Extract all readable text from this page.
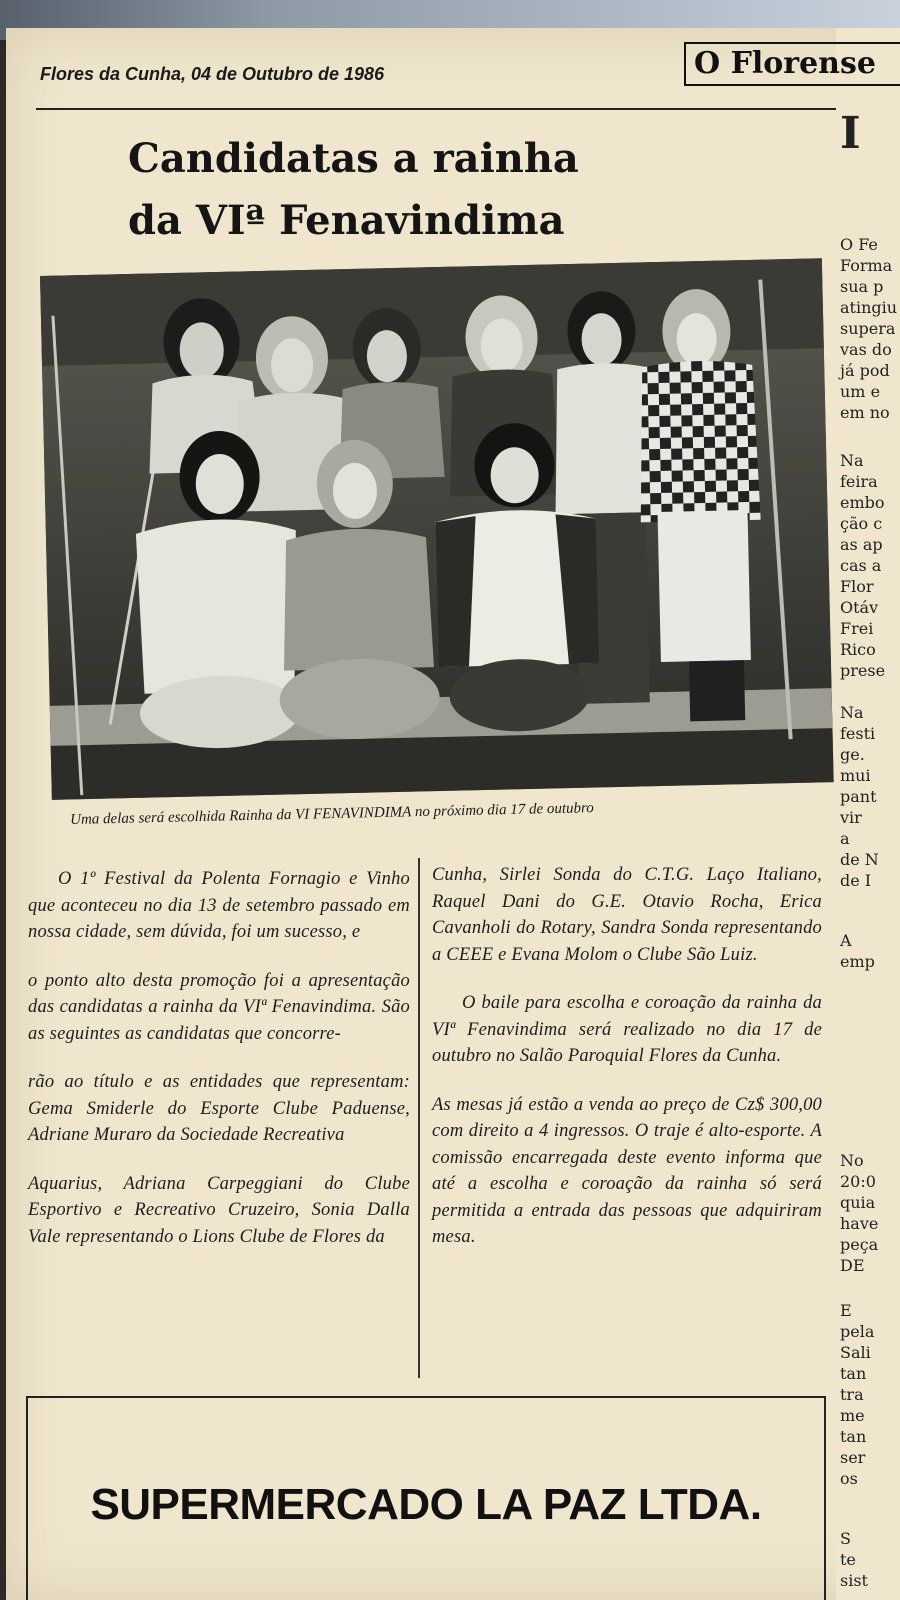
Flores da Cunha, 04 de Outubro de 1986	O Florense
Candidatas a rainha
da VIª Fenavindima
Uma delas será escolhida Rainha da VI FENAVINDIMA no próximo dia 17 de outubro

O 1º Festival da Polenta Fornagio e Vinho que aconteceu no dia 13 de setembro passado em nossa cidade, sem dúvida, foi um sucesso, e

o ponto alto desta promoção foi a apresentação das candidatas a rainha da VIª Fenavindima. São as seguintes as candidatas que concorre-

rão ao título e as entidades que representam: Gema Smiderle do Esporte Clube Paduense, Adriane Muraro da Sociedade Recreativa

Aquarius, Adriana Carpeggiani do Clube Esportivo e Recreativo Cruzeiro, Sonia Dalla Vale representando o Lions Clube de Flores da

Cunha, Sirlei Sonda do C.T.G. Laço Italiano, Raquel Dani do G.E. Otavio Rocha, Erica Cavanholi do Rotary, Sandra Sonda representando a CEEE e Evana Molom o Clube São Luiz.

O baile para escolha e coroação da rainha da VIª Fenavindima será realizado no dia 17 de outubro no Salão Paroquial Flores da Cunha.

As mesas já estão a venda ao preço de Cz$ 300,00 com direito a 4 ingressos. O traje é alto-esporte. A comissão encarregada deste evento informa que até a escolha e coroação da rainha só será permitida a entrada das pessoas que adquiriram mesa.

SUPERMERCADO LA PAZ LTDA.
I
O Fe
Forma
sua p
atingiu
supera
vas do
já pod
um e
em no
Na
feira
embo
ção c
as ap
cas a
Flor
Otáv
Frei
Rico
prese
Na
festi
ge.
mui
pant
vir
a
de N
de I
A
emp
No
20:0
quia
have
peça
DE
E
pela
Sali
tan
tra
me
tan
ser
os
S
te
sist
